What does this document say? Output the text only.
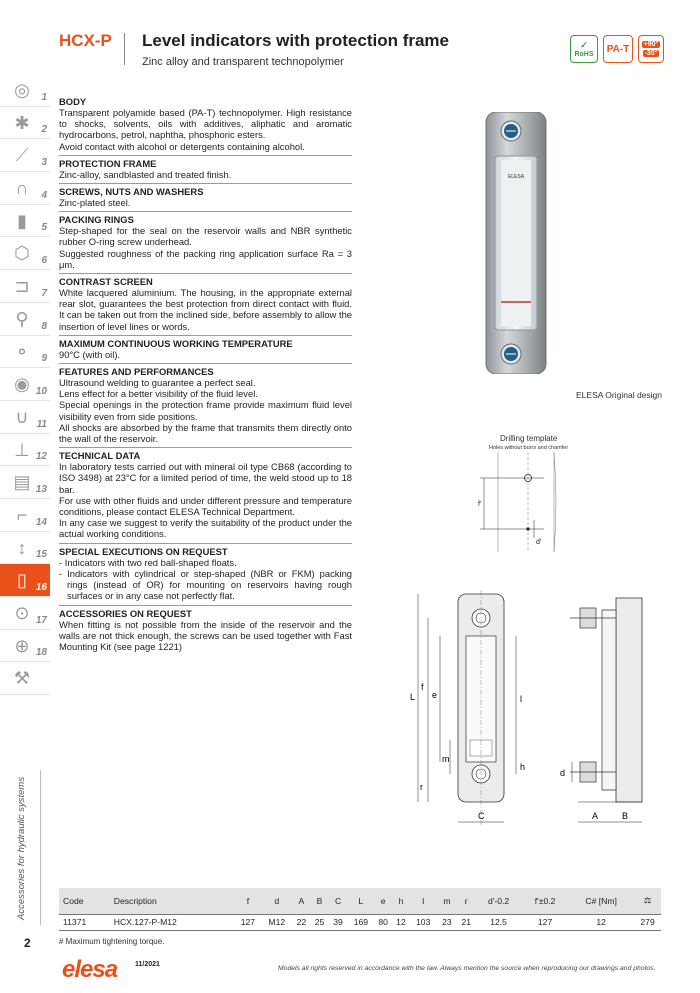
HCX-P Level indicators with protection frame
Zinc alloy and transparent technopolymer
✓
RoHS	PA-T	+90°
-30°
◎	1
✱	2
⟋	3
∩	4
▮	5
⬡	6
⊐	7
⚲	8
⚬	9
◉ 10
∪ 11
⊥ 12
▤ 13
⌐ 14
↕ 15
▯ 16
⊙ 17
⊕ 18
⚒
Accessories for hydraulic systems
2
BODY

Transparent polyamide based (PA-T) technopolymer. High resistance to shocks, solvents, oils with additives, aliphatic and aromatic hydrocarbons, petrol, naphtha, phosphoric esters.

Avoid contact with alcohol or detergents containing alcohol.

PROTECTION FRAME

Zinc-alloy, sandblasted and treated finish.

SCREWS, NUTS AND WASHERS

Zinc-plated steel.

PACKING RINGS

Step-shaped for the seal on the reservoir walls and NBR synthetic rubber O-ring screw underhead.

Suggested roughness of the packing ring application surface Ra = 3 μm.

CONTRAST SCREEN

White lacquered aluminium. The housing, in the appropriate external rear slot, guarantees the best protection from direct contact with fluid. It can be taken out from the inclined side, before assembly to allow the insertion of level lines or words.

MAXIMUM CONTINUOUS WORKING TEMPERATURE

90°C (with oil).

FEATURES AND PERFORMANCES

Ultrasound welding to guarantee a perfect seal.

Lens effect for a better visibility of the fluid level.

Special openings in the protection frame provide maximum fluid level visibility even from side positions.

All shocks are absorbed by the frame that transmits them directly onto the wall of the reservoir.

TECHNICAL DATA

In laboratory tests carried out with mineral oil type CB68 (according to ISO 3498) at 23°C for a limited period of time, the weld stood up to 18 bar.

For use with other fluids and under different pressure and temperature conditions, please contact ELESA Technical Department.

In any case we suggest to verify the suitability of the product under the actual working conditions.

SPECIAL EXECUTIONS ON REQUEST
- Indicators with two red ball-shaped floats.
- Indicators with cylindrical or step-shaped (NBR or FKM) packing rings (instead of OR) for mounting on reservoirs having rough surfaces or in any case not perfectly flat.
ACCESSORIES ON REQUEST

When fitting is not possible from the inside of the reservoir and the walls are not thick enough, the screws can be used together with Fast Mounting Kit (see page 1221)

ELESA
ELESA Original design
Drilling template
Holes without burrs and chamfer
f'
d'
L
f
e
m
r
l
h
C	A	B
d
Code	Description	f	d	A	B	C	L	e	h	l	m	r	d'-0.2	f'±0.2	C# [Nm]	⚖
11371	HCX.127-P-M12	127	M12	22	25	39	169	80	12	103	23	21	12.5	127	12	279
# Maximum tightening torque.
elesa	11/2021
Models all rights reserved in accordance with the law. Always mention the source when reproducing our drawings and photos.
